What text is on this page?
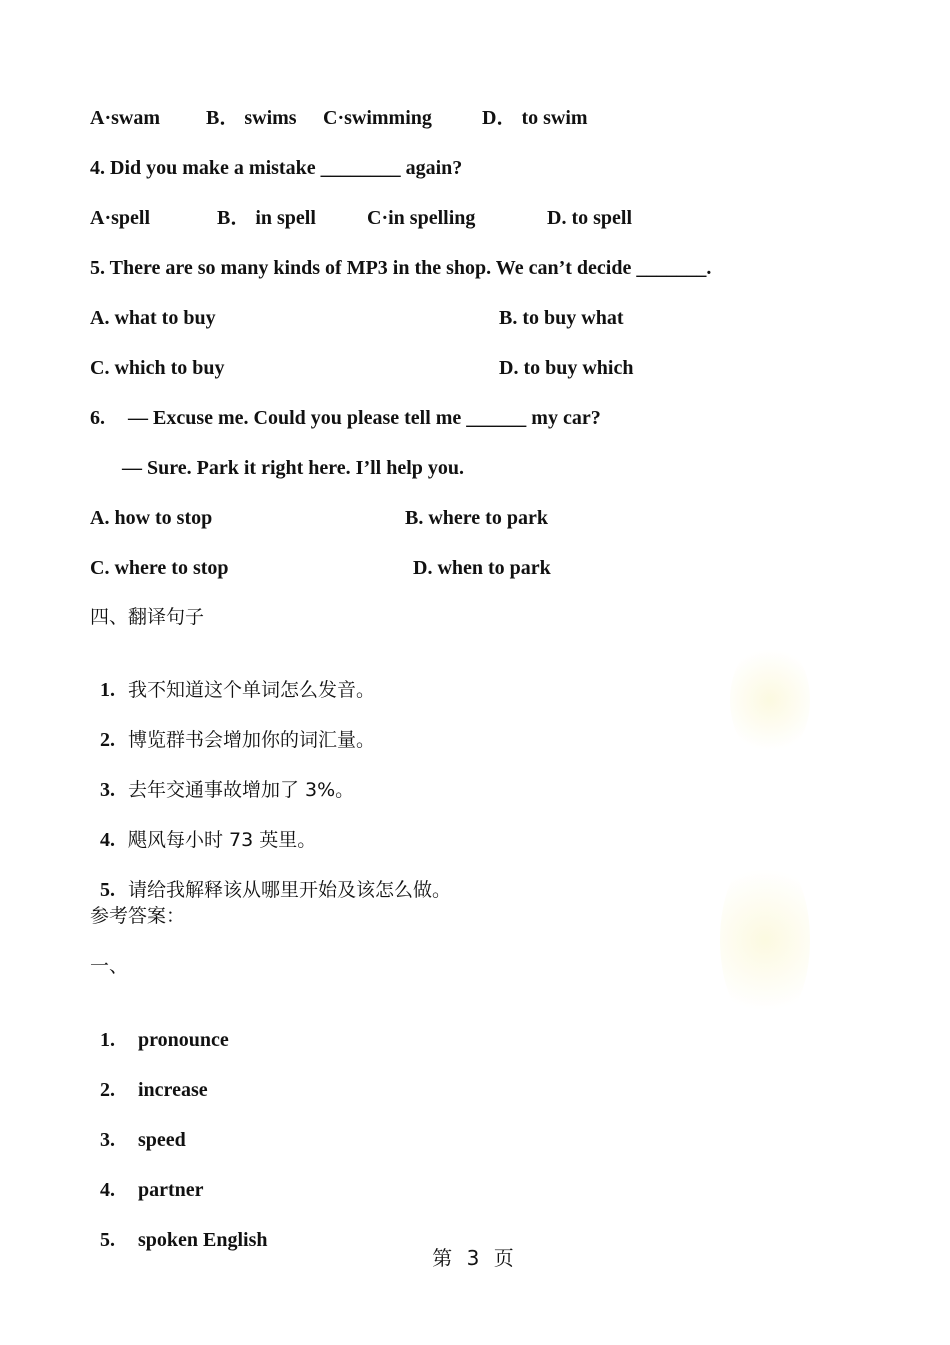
A·swam B． swims C·swimming	D． to swim
4. Did you make a mistake ________ again?
A·spell	B． in spell	C·in spelling	D. to spell
5. There are so many kinds of MP3 in the shop. We can’t decide _______.
A. what to buy	B. to buy what
C. which to buy	D. to buy which
6. — Excuse me. Could you please tell me ______ my car?
— Sure. Park it right here. I’ll help you.
A. how to stop	B. where to park
C. where to stop	D. when to park
四、翻译句子

1. 我不知道这个单词怎么发音。

2. 博览群书会增加你的词汇量。

3. 去年交通事故增加了 3%。

4. 飓风每小时 73 英里。

5. 请给我解释该从哪里开始及该怎么做。

参考答案：
一、

1. pronounce

2. increase

3. speed

4. partner

5. spoken English

第 3 页
